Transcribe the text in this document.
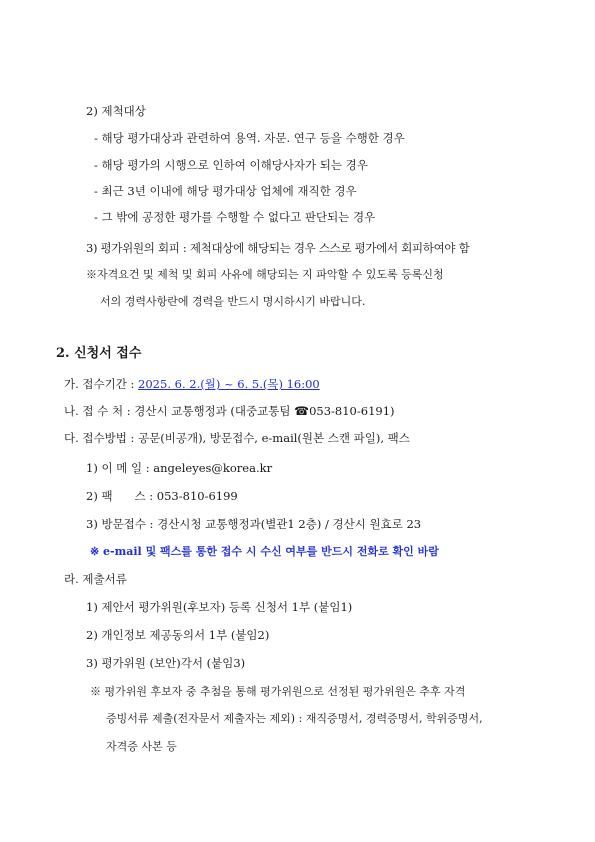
2) 제척대상
- 해당 평가대상과 관련하여 용역. 자문. 연구 등을 수행한 경우
- 해당 평가의 시행으로 인하여 이해당사자가 되는 경우
- 최근 3년 이내에 해당 평가대상 업체에 재직한 경우
- 그 밖에 공정한 평가를 수행할 수 없다고 판단되는 경우
3) 평가위원의 회피 : 제척대상에 해당되는 경우 스스로 평가에서 회피하여야 함
※자격요건 및 제척 및 회피 사유에 해당되는 지 파악할 수 있도록 등록신청
서의 경력사항란에 경력을 반드시 명시하시기 바랍니다.
2. 신청서 접수
가. 접수기간 : 2025. 6. 2.(월) ~ 6. 5.(목) 16:00
나. 접 수 처 : 경산시 교통행정과 (대중교통팀 ☎053-810-6191)
다. 접수방법 : 공문(비공개), 방문접수, e-mail(원본 스캔 파일), 팩스
1) 이 메 일 : angeleyes@korea.kr
2) 팩      스 : 053-810-6199
3) 방문접수 : 경산시청 교통행정과(별관1 2층) / 경산시 원효로 23
※ e-mail 및 팩스를 통한 접수 시 수신 여부를 반드시 전화로 확인 바람
라. 제출서류
1) 제안서 평가위원(후보자) 등록 신청서 1부 (붙임1)
2) 개인정보 제공동의서 1부 (붙임2)
3) 평가위원 (보안)각서 (붙임3)
※ 평가위원 후보자 중 추첨을 통해 평가위원으로 선정된 평가위원은 추후 자격
증빙서류 제출(전자문서 제출자는 제외) : 재직증명서, 경력증명서, 학위증명서,
자격증 사본 등
